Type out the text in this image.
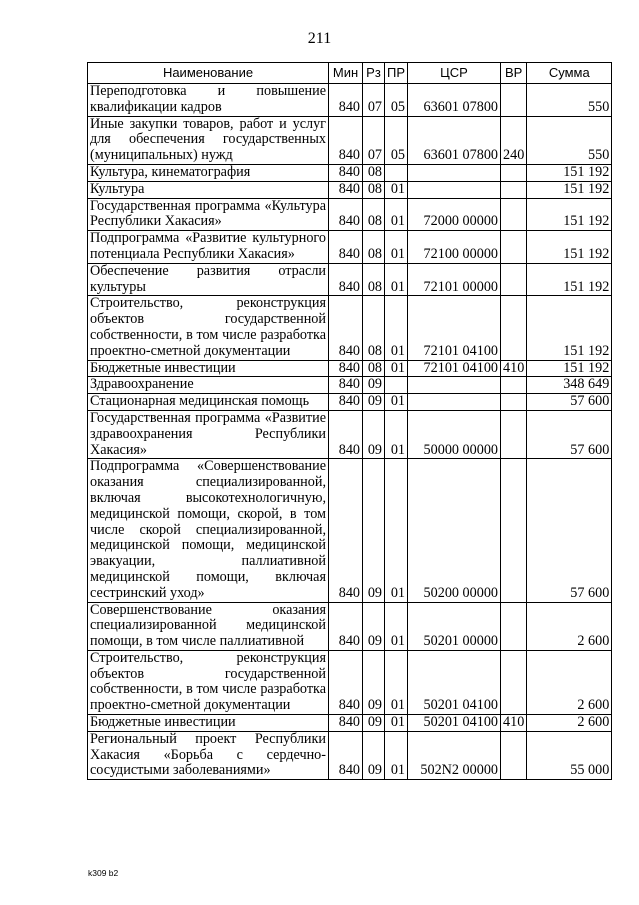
211
Наименование	Мин	Рз	ПР	ЦСР	ВР	Сумма
Переподготовка и повышение квалификации кадров	840	07	05	63601 07800		550
Иные закупки товаров, работ и услуг для обеспечения государственных (муниципальных) нужд	840	07	05	63601 07800	240	550
Культура, кинематография	840	08				151 192
Культура	840	08	01			151 192
Государственная программа «Культура Республики Хакасия»	840	08	01	72000 00000		151 192
Подпрограмма «Развитие культурного потенциала Республики Хакасия»	840	08	01	72100 00000		151 192
Обеспечение развития отрасли культуры	840	08	01	72101 00000		151 192
Строительство, реконструкция объектов государственной собственности, в том числе разработка проектно-сметной документации	840	08	01	72101 04100		151 192
Бюджетные инвестиции	840	08	01	72101 04100	410	151 192
Здравоохранение	840	09				348 649
Стационарная медицинская помощь	840	09	01			57 600
Государственная программа «Развитие здравоохранения Республики Хакасия»	840	09	01	50000 00000		57 600
Подпрограмма «Совершенствование оказания специализированной, включая высокотехнологичную, медицинской помощи, скорой, в том числе скорой специализированной, медицинской помощи, медицинской эвакуации, паллиативной медицинской помощи, включая сестринский уход»	840	09	01	50200 00000		57 600
Совершенствование оказания специализированной медицинской помощи, в том числе паллиативной	840	09	01	50201 00000		2 600
Строительство, реконструкция объектов государственной собственности, в том числе разработка проектно-сметной документации	840	09	01	50201 04100		2 600
Бюджетные инвестиции	840	09	01	50201 04100	410	2 600
Региональный проект Республики Хакасия «Борьба с сердечно-сосудистыми заболеваниями»	840	09	01	502N2 00000		55 000
k309 b2
